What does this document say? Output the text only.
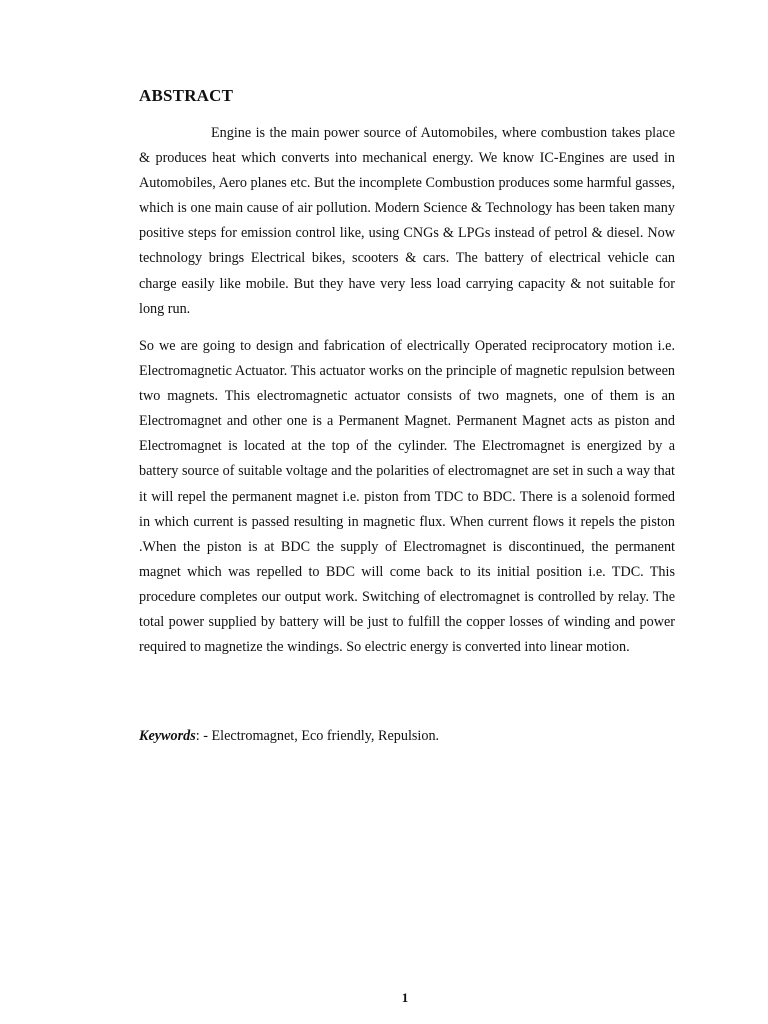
ABSTRACT

Engine is the main power source of Automobiles, where combustion takes place & produces heat which converts into mechanical energy. We know IC-Engines are used in Automobiles, Aero planes etc. But the incomplete Combustion produces some harmful gasses, which is one main cause of air pollution. Modern Science & Technology has been taken many positive steps for emission control like, using CNGs & LPGs instead of petrol & diesel. Now technology brings Electrical bikes, scooters & cars. The battery of electrical vehicle can charge easily like mobile. But they have very less load carrying capacity & not suitable for long run.

So we are going to design and fabrication of electrically Operated reciprocatory motion i.e. Electromagnetic Actuator. This actuator works on the principle of magnetic repulsion between two magnets. This electromagnetic actuator consists of two magnets, one of them is an Electromagnet and other one is a Permanent Magnet. Permanent Magnet acts as piston and Electromagnet is located at the top of the cylinder. The Electromagnet is energized by a battery source of suitable voltage and the polarities of electromagnet are set in such a way that it will repel the permanent magnet i.e. piston from TDC to BDC. There is a solenoid formed in which current is passed resulting in magnetic flux. When current flows it repels the piston .When the piston is at BDC the supply of Electromagnet is discontinued, the permanent magnet which was repelled to BDC will come back to its initial position i.e. TDC. This procedure completes our output work. Switching of electromagnet is controlled by relay. The total power supplied by battery will be just to fulfill the copper losses of winding and power required to magnetize the windings. So electric energy is converted into linear motion.

Keywords: - Electromagnet, Eco friendly, Repulsion.

1
